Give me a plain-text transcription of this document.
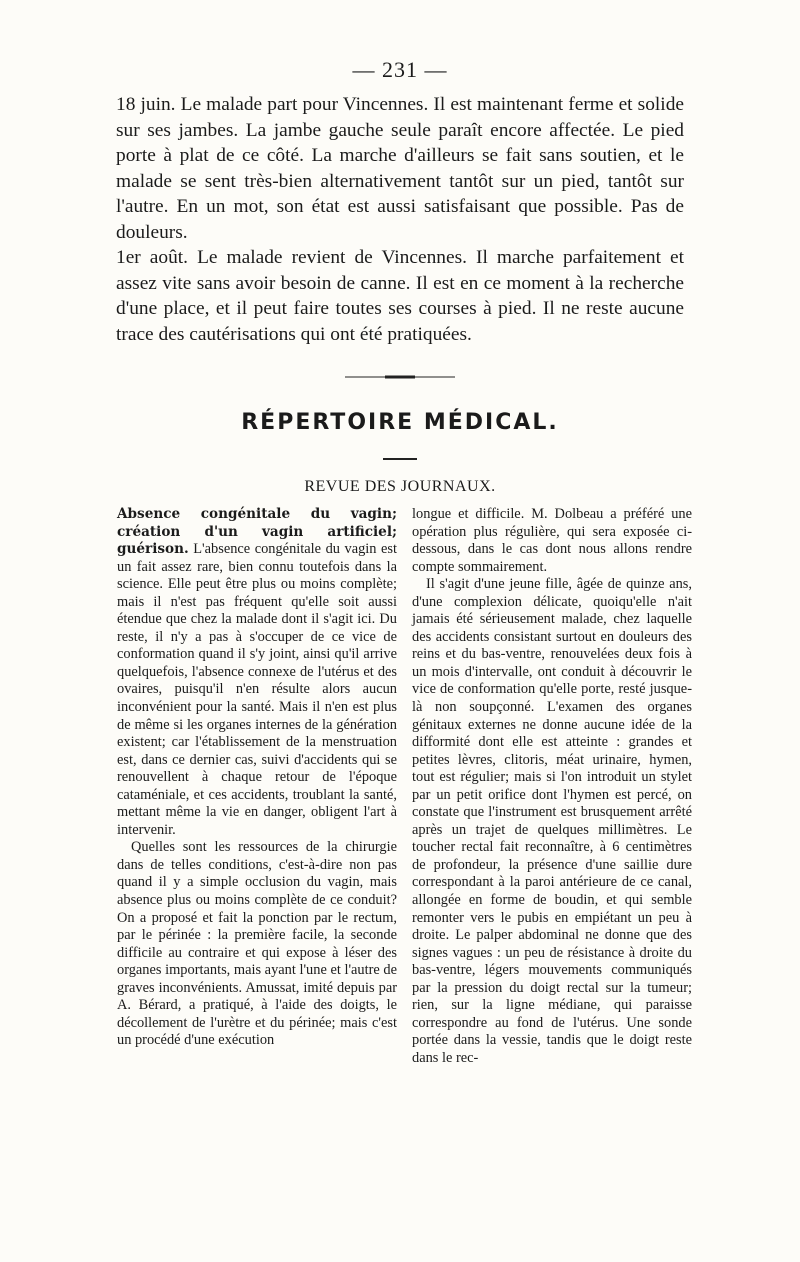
— 231 —

18 juin. Le malade part pour Vincennes. Il est maintenant ferme et solide sur ses jambes. La jambe gauche seule paraît encore affectée. Le pied porte à plat de ce côté. La marche d'ailleurs se fait sans soutien, et le malade se sent très-bien alternativement tantôt sur un pied, tantôt sur l'autre. En un mot, son état est aussi satisfaisant que possible. Pas de douleurs.

1er août. Le malade revient de Vincennes. Il marche parfaitement et assez vite sans avoir besoin de canne. Il est en ce moment à la recherche d'une place, et il peut faire toutes ses courses à pied. Il ne reste aucune trace des cautérisations qui ont été pratiquées.

RÉPERTOIRE MÉDICAL.
REVUE DES JOURNAUX.

Absence congénitale du vagin; création d'un vagin artificiel; guérison. L'absence congénitale du vagin est un fait assez rare, bien connu toutefois dans la science. Elle peut être plus ou moins complète; mais il n'est pas fréquent qu'elle soit aussi étendue que chez la malade dont il s'agit ici. Du reste, il n'y a pas à s'occuper de ce vice de conformation quand il s'y joint, ainsi qu'il arrive quelquefois, l'absence connexe de l'utérus et des ovaires, puisqu'il n'en résulte alors aucun inconvénient pour la santé. Mais il n'en est plus de même si les organes internes de la génération existent; car l'établissement de la menstruation est, dans ce dernier cas, suivi d'accidents qui se renouvellent à chaque retour de l'époque cataméniale, et ces accidents, troublant la santé, mettant même la vie en danger, obligent l'art à intervenir.

Quelles sont les ressources de la chirurgie dans de telles conditions, c'est-à-dire non pas quand il y a simple occlusion du vagin, mais absence plus ou moins complète de ce conduit? On a proposé et fait la ponction par le rectum, par le périnée : la première facile, la seconde difficile au contraire et qui expose à léser des organes importants, mais ayant l'une et l'autre de graves inconvénients. Amussat, imité depuis par A. Bérard, a pratiqué, à l'aide des doigts, le décollement de l'urètre et du périnée; mais c'est un procédé d'une exécution

longue et difficile. M. Dolbeau a préféré une opération plus régulière, qui sera exposée ci-dessous, dans le cas dont nous allons rendre compte sommairement.

Il s'agit d'une jeune fille, âgée de quinze ans, d'une complexion délicate, quoiqu'elle n'ait jamais été sérieusement malade, chez laquelle des accidents consistant surtout en douleurs des reins et du bas-ventre, renouvelées deux fois à un mois d'intervalle, ont conduit à découvrir le vice de conformation qu'elle porte, resté jusque-là non soupçonné. L'examen des organes génitaux externes ne donne aucune idée de la difformité dont elle est atteinte : grandes et petites lèvres, clitoris, méat urinaire, hymen, tout est régulier; mais si l'on introduit un stylet par un petit orifice dont l'hymen est percé, on constate que l'instrument est brusquement arrêté après un trajet de quelques millimètres. Le toucher rectal fait reconnaître, à 6 centimètres de profondeur, la présence d'une saillie dure correspondant à la paroi antérieure de ce canal, allongée en forme de boudin, et qui semble remonter vers le pubis en empiétant un peu à droite. Le palper abdominal ne donne que des signes vagues : un peu de résistance à droite du bas-ventre, légers mouvements communiqués par la pression du doigt rectal sur la tumeur; rien, sur la ligne médiane, qui paraisse correspondre au fond de l'utérus. Une sonde portée dans la vessie, tandis que le doigt reste dans le rec-
